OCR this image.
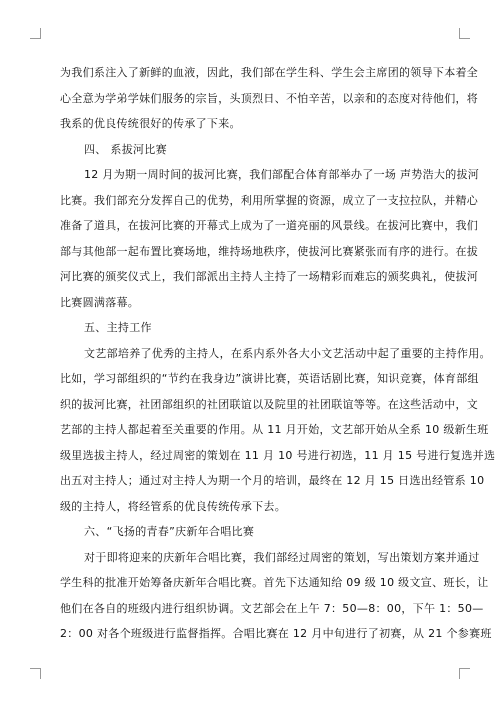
为我们系注入了新鲜的血液，因此，我们部在学生科、学生会主席团的领导下本着全
心全意为学弟学妹们服务的宗旨，头顶烈日、不怕辛苦，以亲和的态度对待他们，将
我系的优良传统很好的传承了下来。
四、 系拔河比赛
12 月为期一周时间的拔河比赛，我们部配合体育部举办了一场 声势浩大的拔河
比赛。我们部充分发挥自己的优势，利用所掌握的资源，成立了一支拉拉队，并精心
准备了道具，在拔河比赛的开幕式上成为了一道亮丽的风景线。在拔河比赛中，我们
部与其他部一起布置比赛场地，维持场地秩序，使拔河比赛紧张而有序的进行。在拔
河比赛的颁奖仪式上，我们部派出主持人主持了一场精彩而难忘的颁奖典礼，使拔河
比赛圆满落幕。
五、主持工作
文艺部培养了优秀的主持人，在系内系外各大小文艺活动中起了重要的主持作用。
比如，学习部组织的“节约在我身边”演讲比赛，英语话剧比赛，知识竞赛，体育部组
织的拔河比赛，社团部组织的社团联谊以及院里的社团联谊等等。在这些活动中，文
艺部的主持人都起着至关重要的作用。从 11 月开始，文艺部开始从全系 10 级新生班
级里选拔主持人，经过周密的策划在 11 月 10 号进行初选，11 月 15 号进行复选并选
出五对主持人；通过对主持人为期一个月的培训，最终在 12 月 15 日选出经管系 10
级的主持人，将经管系的优良传统传承下去。
六、“飞扬的青春”庆新年合唱比赛
对于即将迎来的庆新年合唱比赛，我们部经过周密的策划，写出策划方案并通过
学生科的批准开始筹备庆新年合唱比赛。首先下达通知给 09 级 10 级文宣、班长，让
他们在各自的班级内进行组织协调。文艺部会在上午 7：50—8：00，下午 1：50—
2：00 对各个班级进行监督指挥。合唱比赛在 12 月中旬进行了初赛，从 21 个参赛班
